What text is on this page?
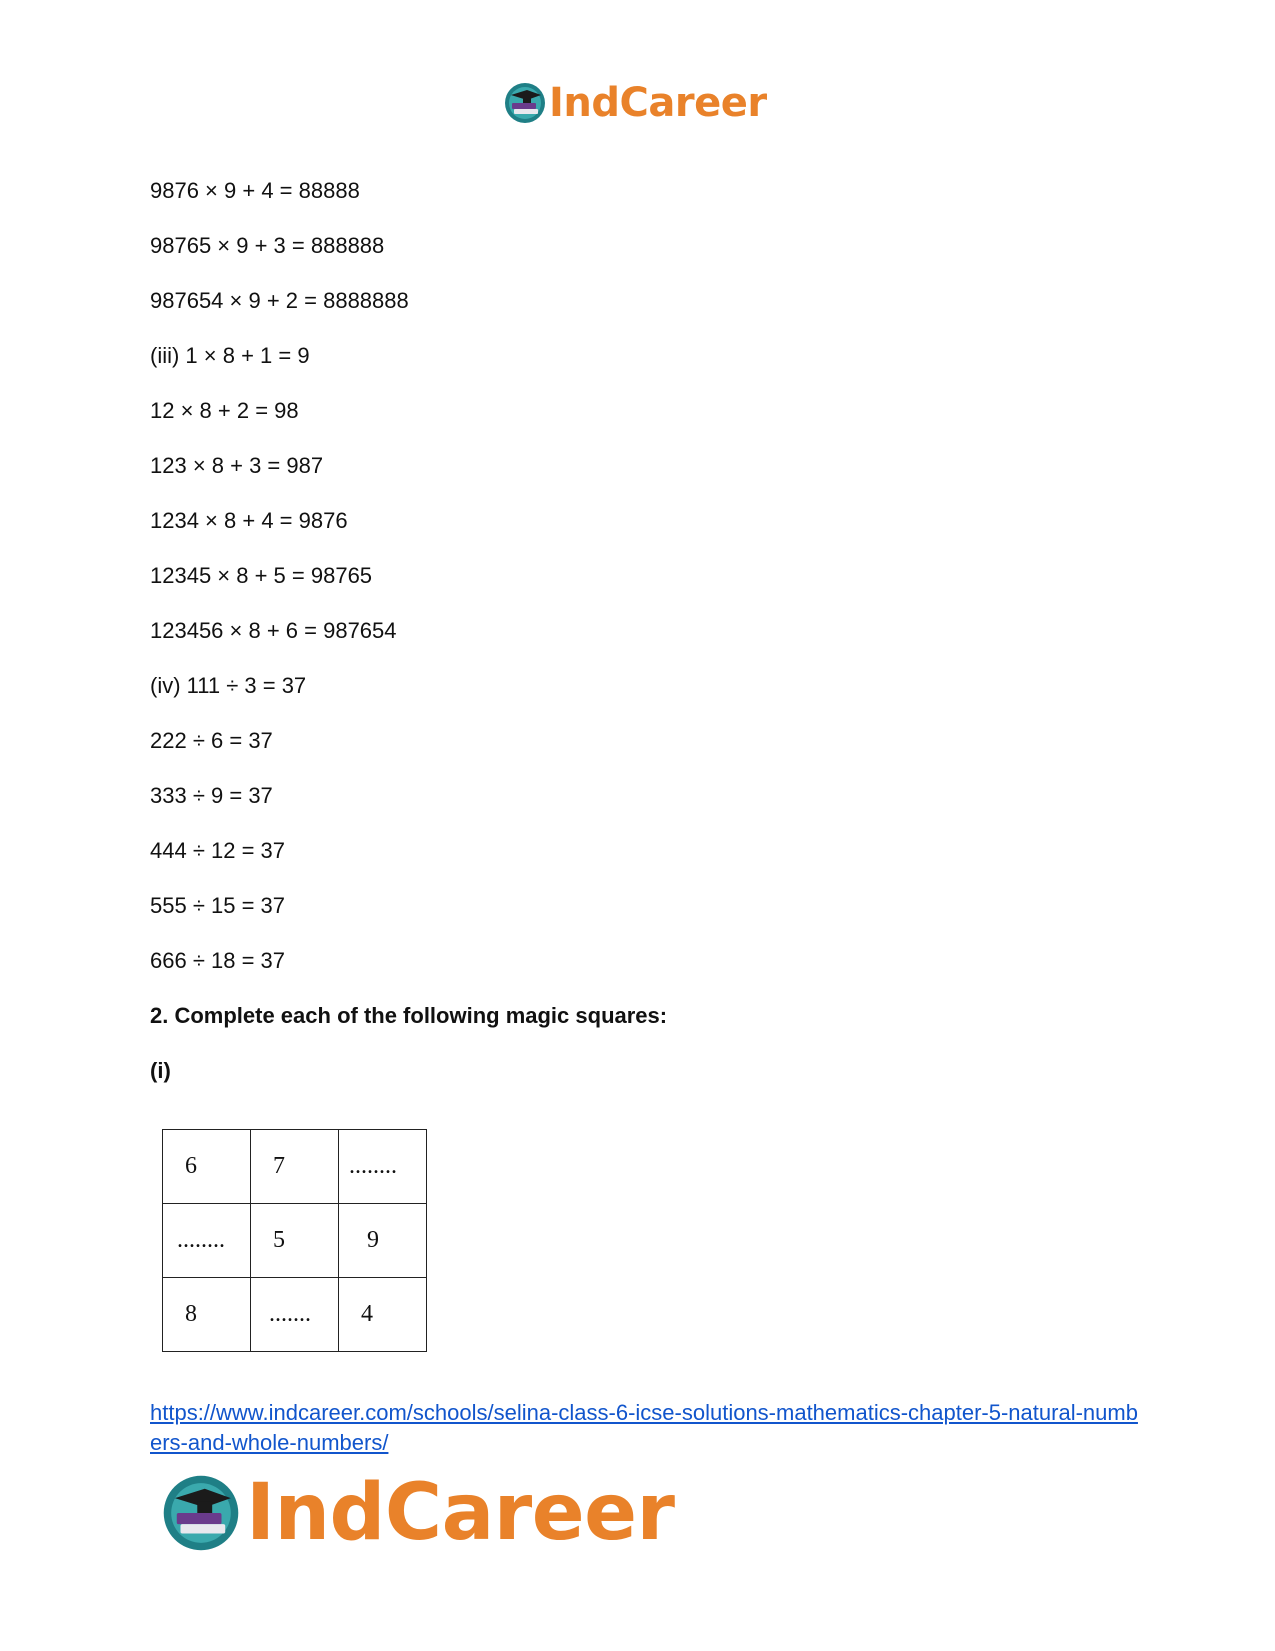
IndCareer
9876 × 9 + 4 = 88888
98765 × 9 + 3 = 888888
987654 × 9 + 2 = 8888888
(iii) 1 × 8 + 1 = 9
12 × 8 + 2 = 98
123 × 8 + 3 = 987
1234 × 8 + 4 = 9876
12345 × 8 + 5 = 98765
123456 × 8 + 6 = 987654
(iv) 111 ÷ 3 = 37
222 ÷ 6 = 37
333 ÷ 9 = 37
444 ÷ 12 = 37
555 ÷ 15 = 37
666 ÷ 18 = 37
2. Complete each of the following magic squares:
(i)
6	7	........
........	5	9
8	.......	4
https://www.indcareer.com/schools/selina-class-6-icse-solutions-mathematics-chapter-5-natural-numbers-and-whole-numbers/
IndCareer
